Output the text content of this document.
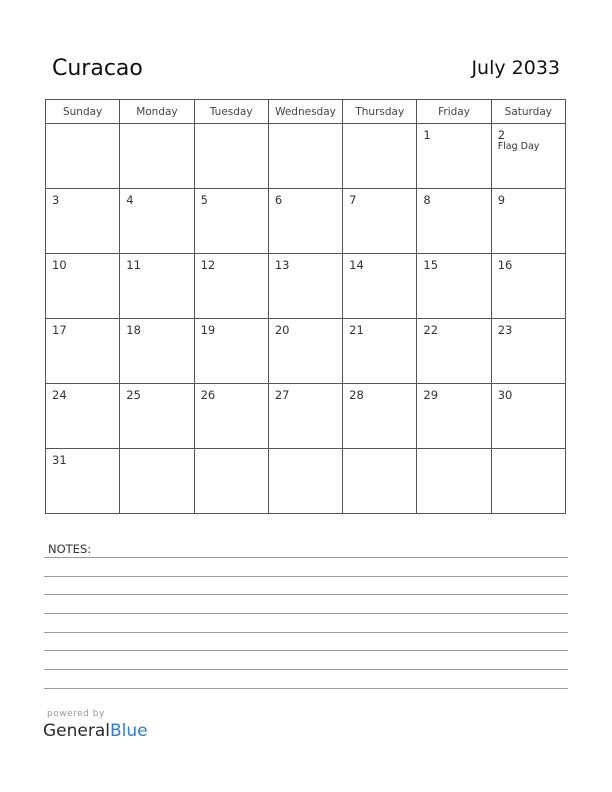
Curacao	July 2033
Sunday	Monday	Tuesday	Wednesday	Thursday	Friday	Saturday

					1	2
Flag Day

3	4	5	6	7	8	9

10	11	12	13	14	15	16

17	18	19	20	21	22	23

24	25	26	27	28	29	30

31						

NOTES:
powered by
GeneralBlue
